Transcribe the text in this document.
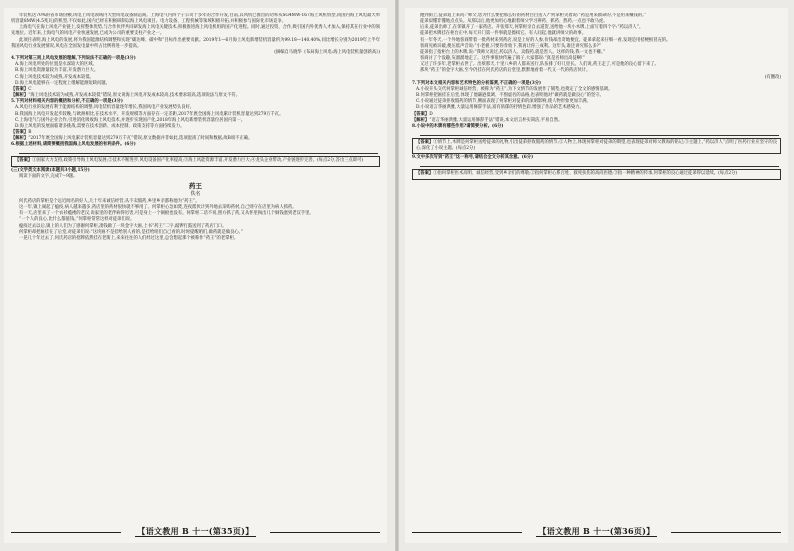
年装机达70%的省市场份额,风电上风电领域内大型风电设备制造商。上海电气内四个子公司于多年的合作开发,目前,其风机已推出的功率从SG4MW-167海上风机机型,同国内海上风电最大单机容量8MW(4.5兆瓦)的机型,不仅如此,国内已经在积极研制以海上风电项目。电力设备、工程机械等领域积极开拓,并积极参与国际化市场竞争。

上海电气在海上风电产业链上,发挥整体优势,与合作伙伴共同研发海上风电关键技术,积极推进海上风电机组的国产化进程。同时,通过投资、合作,吸引国内外优秀人才加入,保持其在行业中的领先地位。近年来,上海电气的风电产业快速发展,已成为公司的重要支柱产业之一。

此项目表明,海上风电的发展,将为我国能源结构调整和实现“碳达峰、碳中和”目标作出重要贡献。2019年1—6月海上风电新增装机容量约为99.18—140.40%,同比增长分别为2019年上半年我国风电行业发展情况,风电在全国发电量中所占比例将进一步提高。

(摘编自马晓华《布局海上风电:海上风电装机量创新高》)

4.下列对第三则上风电发展的理解,下列说法不正确的一项是(3分)

A.海上风电所处的位置是水深较大的区域。

B.海上风电资源量较为丰富,开发潜力巨大。

C.海上风电技术较为成熟,开发成本较低。

D.海上风电能够在一定程度上缓解能源短缺问题。

【答案】C

【解析】“海上风电技术较为成熟,开发成本较低”错误,原文说海上风电开发成本较高,技术要求较高,选项说法与原文不符。

5.下列对材料相关内容的概括和分析,不正确的一项是(3分)

A.风电行业的发展有利于能源结构的调整,风电装机容量逐年增长,我国风电产业发展势头良好。

B.我国海上风电开发起步较晚,与欧洲相比,在技术水平、开发规模等方面存在一定差距,2017年底全国海上风电累计装机容量达到279万千瓦。

C.上海电气与国外企业合作,引进消化吸收海上风电技术,并逐步实现国产化,2018年海上风电新增装机容量位居国内第一。

D.海上风电的发展面临诸多挑战,需要在技术创新、成本控制、政策支持等方面持续发力。

【答案】B

【解析】“2017年底全国海上风电累计装机容量达到279万千瓦”错误,原文数据并非如此,选项混淆了时间和数据,故B项不正确。

6.根据上述材料,请简要概括我国海上风电发展的有利条件。(6分)

【答案】①国家大力支持,政策引导海上风电发展;②技术不断进步,风电设备国产化率提高;③海上风能资源丰富,开发潜力巨大;④龙头企业带动,产业链逐步完善。(每点2分,答出三点即可)

(三)文学类文本阅读(本题共3小题,15分)

阅读下面的文字,完成7～9题。

药王

佚名

何氏药店的掌柜是个远近闻名的好人,几十年来诚信经营,从不卖假药,乡里乡亲都称他为“药王”。

这一年,镇上闹起了瘟疫,病人越来越多,药店里的药材很快就不够用了。何掌柜心急如焚,连夜派伙计到外地去采购药材,自己则守在店里为病人抓药。

有一天,店里来了一个衣衫褴褛的老汉,说家里的老伴病得厉害,可是身上一个铜板也没有。何掌柜二话不说,照方抓了药,又从怀里掏出几个铜钱塞到老汉手里。

“一个人的良心,比什么都值钱。”何掌柜常常这样对徒弟们说。

瘟疫过去以后,镇上的人们为了感谢何掌柜,凑钱做了一块金字大匾,上书“药王”二字,敲锣打鼓送到了药店门口。

何掌柜却把匾挂在了后堂,对徒弟们说:“这块匾不是挂给别人看的,是挂给咱们自己看的,时时提醒咱们,做药就是做良心。”

一晃几十年过去了,何氏药店的招牌依然挂在老街上,来来往往的人们经过这里,总会想起那个被称作“药王”的老掌柜。

【语文教用 B 十一(第35页)】

跑到街上,徒弟追上来问:“师父,您为什么要把那么好的药材白白送人?”何掌柜笑着说:“药是用来救命的,不是用来赚钱的。”

徒弟似懂非懂地点点头。从那以后,他更加用心地跟着师父学习辨药、抓药、熬药,一点也不敢马虎。

后来,徒弟出师了,在邻镇开了一家药店。开张那天,何掌柜亲自去道贺,送给他一块小木牌,上面写着四个字:“药以济人”。

徒弟把木牌挂在柜台正中,每天开门第一件事就是擦拭它。有人问起,他就讲师父的故事。

有一年冬天,一个外地客商带着一批药材来到药店,说是上好的人参,价钱却出奇地便宜。徒弟拿起来仔细一看,发现是用桔梗根冒充的。

客商见被识破,便压低声音说:“小老板,只要你肯收下,我再让你三成利。这年头,谁还讲究那么多?”

徒弟指了指柜台上的木牌,说:“我师父说过,药以济人。卖假药,就是害人。这样的钱,我一文也不赚。”

客商讨了个没趣,灰溜溜地走了。这件事很快传遍了镇子,大家都说:“真是名师出高徒啊!”

又过了许多年,老掌柜去世了。出殡那天,十里八乡的人都来送行,队伍排了好几里长。人们说,药王走了,可是他的良心留下来了。

那块“药王”的金字大匾,至今仍挂在何氏药店的后堂里,默默地看着一代又一代的药店伙计。

(有删改)

7.下列对本文相关内容和艺术特色的分析鉴赏,不正确的一项是(3分)

A.小说开头交代何掌柜诚信经营、被称为“药王”,为下文情节的发展作了铺垫,也奠定了全文的感情基调。

B.何掌柜把匾挂在后堂,体现了他谦逊低调、不图虚名的品格,也表明他对“做药就是做良心”的坚守。

C.小说通过徒弟拒收假药的情节,侧面表现了何掌柜对徒弟的深刻影响,使人物形象更加丰满。

D.小说语言华丽典雅,大量运用修辞手法,富有浓郁的抒情色彩,增强了作品的艺术感染力。

【答案】D

【解析】“语言华丽典雅,大量运用修辞手法”错误,本文语言朴实简洁,平易自然。

8.小说中的木牌有哪些作用?请简要分析。(6分)

【答案】①情节上,木牌是何掌柜送给徒弟的礼物,引出徒弟拒收假药的情节;②人物上,体现何掌柜对徒弟的期望,也表现徒弟对师父教诲的铭记;③主题上,“药以济人”点明了医药行业应坚守的良心,深化了小说主题。(每点2分)

9.文中多次写到“药王”这一称号,请结合全文分析其含意。(6分)

【答案】①指何掌柜医术高明、诚信经营,受到乡亲们的尊敬;②指何掌柜心系百姓、救死扶伤的高尚医德;③指一种精神的传承,何掌柜的良心通过徒弟得以延续。(每点2分)

【语文教用 B 十一(第36页)】
